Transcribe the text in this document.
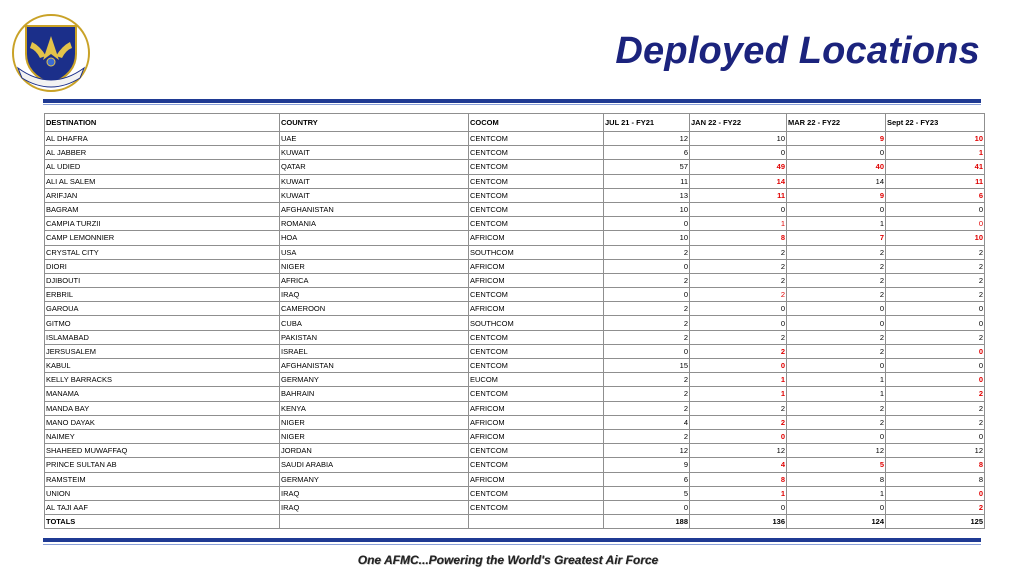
Deployed Locations
DESTINATION	COUNTRY	COCOM	JUL 21 - FY21	JAN 22 - FY22	MAR 22 - FY22	Sept 22 - FY23
AL DHAFRA	UAE	CENTCOM	12	10	9	10
AL JABBER	KUWAIT	CENTCOM	6	0	0	1
AL UDIED	QATAR	CENTCOM	57	49	40	41
ALI AL SALEM	KUWAIT	CENTCOM	11	14	14	11
ARIFJAN	KUWAIT	CENTCOM	13	11	9	6
BAGRAM	AFGHANISTAN	CENTCOM	10	0	0	0
CAMPIA TURZII	ROMANIA	CENTCOM	0	1	1	0
CAMP LEMONNIER	HOA	AFRICOM	10	8	7	10
CRYSTAL CITY	USA	SOUTHCOM	2	2	2	2
DIORI	NIGER	AFRICOM	0	2	2	2
DJIBOUTI	AFRICA	AFRICOM	2	2	2	2
ERBRIL	IRAQ	CENTCOM	0	2	2	2
GAROUA	CAMEROON	AFRICOM	2	0	0	0
GITMO	CUBA	SOUTHCOM	2	0	0	0
ISLAMABAD	PAKISTAN	CENTCOM	2	2	2	2
JERSUSALEM	ISRAEL	CENTCOM	0	2	2	0
KABUL	AFGHANISTAN	CENTCOM	15	0	0	0
KELLY BARRACKS	GERMANY	EUCOM	2	1	1	0
MANAMA	BAHRAIN	CENTCOM	2	1	1	2
MANDA BAY	KENYA	AFRICOM	2	2	2	2
MANO DAYAK	NIGER	AFRICOM	4	2	2	2
NAIMEY	NIGER	AFRICOM	2	0	0	0
SHAHEED MUWAFFAQ	JORDAN	CENTCOM	12	12	12	12
PRINCE SULTAN AB	SAUDI ARABIA	CENTCOM	9	4	5	8
RAMSTEIM	GERMANY	AFRICOM	6	8	8	8
UNION	IRAQ	CENTCOM	5	1	1	0
AL TAJI AAF	IRAQ	CENTCOM	0	0	0	2
TOTALS			188	136	124	125
One AFMC...Powering the World's Greatest Air Force
